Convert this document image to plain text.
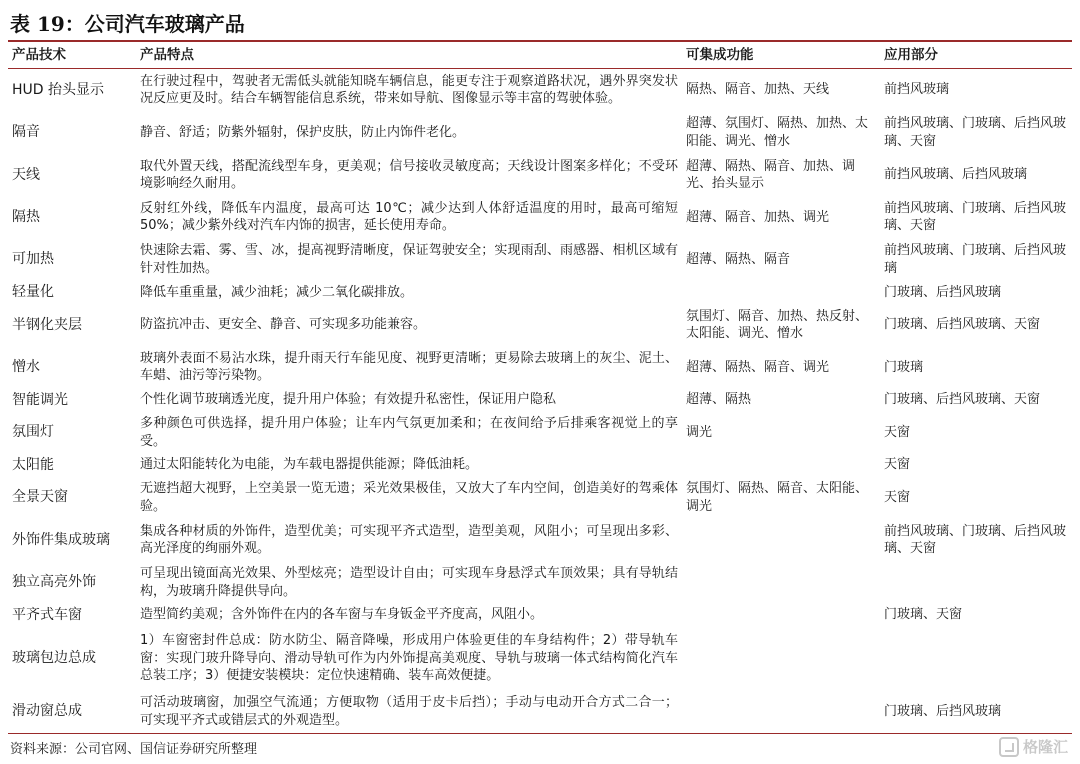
表 19：公司汽车玻璃产品
产品技术	产品特点	可集成功能	应用部分
HUD 抬头显示	在行驶过程中，驾驶者无需低头就能知晓车辆信息，能更专注于观察道路状况，遇外界突发状况反应更及时。结合车辆智能信息系统，带来如导航、图像显示等丰富的驾驶体验。	隔热、隔音、加热、天线	前挡风玻璃
隔音	静音、舒适；防紫外辐射，保护皮肤，防止内饰件老化。	超薄、氛围灯、隔热、加热、太阳能、调光、憎水	前挡风玻璃、门玻璃、后挡风玻璃、天窗
天线	取代外置天线，搭配流线型车身，更美观；信号接收灵敏度高；天线设计图案多样化；不受环境影响经久耐用。	超薄、隔热、隔音、加热、调光、抬头显示	前挡风玻璃、后挡风玻璃
隔热	反射红外线，降低车内温度，最高可达 10℃；减少达到人体舒适温度的用时，最高可缩短 50%；减少紫外线对汽车内饰的损害，延长使用寿命。	超薄、隔音、加热、调光	前挡风玻璃、门玻璃、后挡风玻璃、天窗
可加热	快速除去霜、雾、雪、冰，提高视野清晰度，保证驾驶安全；实现雨刮、雨感器、相机区域有针对性加热。	超薄、隔热、隔音	前挡风玻璃、门玻璃、后挡风玻璃
轻量化	降低车重重量，减少油耗；减少二氧化碳排放。		门玻璃、后挡风玻璃
半钢化夹层	防盗抗冲击、更安全、静音、可实现多功能兼容。	氛围灯、隔音、加热、热反射、太阳能、调光、憎水	门玻璃、后挡风玻璃、天窗
憎水	玻璃外表面不易沾水珠，提升雨天行车能见度、视野更清晰；更易除去玻璃上的灰尘、泥土、车蜡、油污等污染物。	超薄、隔热、隔音、调光	门玻璃
智能调光	个性化调节玻璃透光度，提升用户体验；有效提升私密性，保证用户隐私	超薄、隔热	门玻璃、后挡风玻璃、天窗
氛围灯	多种颜色可供选择，提升用户体验；让车内气氛更加柔和；在夜间给予后排乘客视觉上的享受。	调光	天窗
太阳能	通过太阳能转化为电能，为车载电器提供能源；降低油耗。		天窗
全景天窗	无遮挡超大视野，上空美景一览无遗；采光效果极佳，又放大了车内空间，创造美好的驾乘体验。	氛围灯、隔热、隔音、太阳能、调光	天窗
外饰件集成玻璃	集成各种材质的外饰件，造型优美；可实现平齐式造型，造型美观，风阻小；可呈现出多彩、高光泽度的绚丽外观。		前挡风玻璃、门玻璃、后挡风玻璃、天窗
独立高亮外饰	可呈现出镜面高光效果、外型炫亮；造型设计自由；可实现车身悬浮式车顶效果；具有导轨结构，为玻璃升降提供导向。		
平齐式车窗	造型简约美观；含外饰件在内的各车窗与车身钣金平齐度高，风阻小。		门玻璃、天窗
玻璃包边总成	1）车窗密封件总成：防水防尘、隔音降噪，形成用户体验更佳的车身结构件；2）带导轨车窗：实现门玻升降导向、滑动导轨可作为内外饰提高美观度、导轨与玻璃一体式结构简化汽车总装工序；3）便捷安装模块：定位快速精确、装车高效便捷。		
滑动窗总成	可活动玻璃窗，加强空气流通；方便取物（适用于皮卡后挡）；手动与电动开合方式二合一；可实现平齐式或错层式的外观造型。		门玻璃、后挡风玻璃
资料来源：公司官网、国信证券研究所整理	格隆汇
